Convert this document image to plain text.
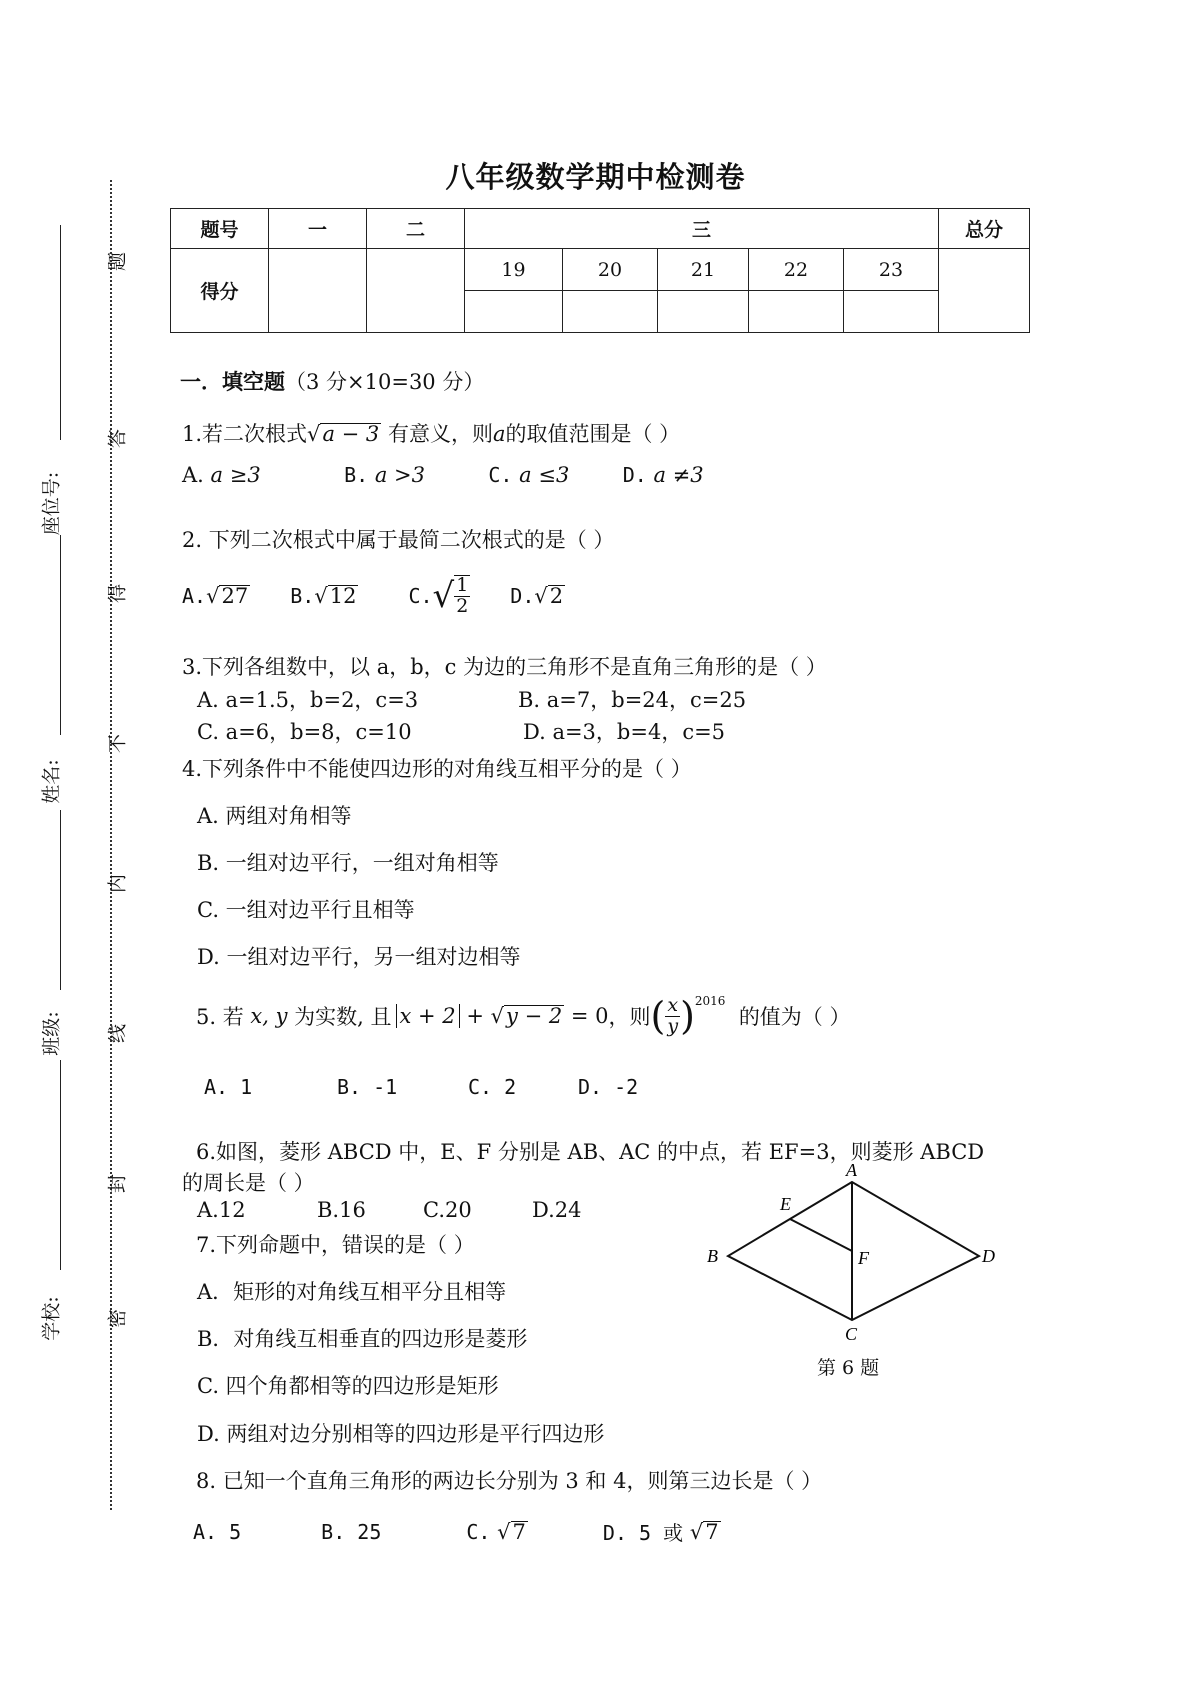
八年级数学期中检测卷
题
答
得
不
内
线
封
密
座位号:
姓名:
班级:
学校:
题号	一	二	三					总分
得分			19	20	21	22	23	

一．填空题（3 分×10=30 分）
1.若二次根式√a − 3 有意义，则a的取值范围是（ ）
A. a ≥3	B. a >3	C. a ≤3	D. a ≠3
2. 下列二次根式中属于最简二次根式的是（ ）
A. √ 27 B. √ 12	C. √ $\frac{1}{2} D$. √ 2
3.下列各组数中，以 a，b，c 为边的三角形不是直角三角形的是（ ）
A. a=1.5，b=2，c=3	B. a=7，b=24，c=25
C. a=6，b=8，c=10	D. a=3，b=4，c=5
4.下列条件中不能使四边形的对角线互相平分的是（ ）
A. 两组对角相等
B. 一组对边平行，一组对角相等
C. 一组对边平行且相等
D. 一组对边平行，另一组对边相等
5. 若
x, y
为实数, 且 x + 2
+ √ y − 2
= 0 ，则 ( $\frac{x}{y} )^{2016}$

的值为（ ）
A. 1	B. -1	C. 2	D. -2
6.如图，菱形 ABCD 中，E、F 分别是 AB、AC 的中点，若 EF=3，则菱形 ABCD
的周长是（ ）
A.12	B.16	C.20	D.24
A
B
C
D
E
F
第 6 题
7.下列命题中，错误的是（ ）
A．矩形的对角线互相平分且相等
B．对角线互相垂直的四边形是菱形
C. 四个角都相等的四边形是矩形
D. 两组对边分别相等的四边形是平行四边形
8. 已知一个直角三角形的两边长分别为 3 和 4，则第三边长是（ ）
A. 5	B. 25	C. √ 7	D. 5 或 √ 7
